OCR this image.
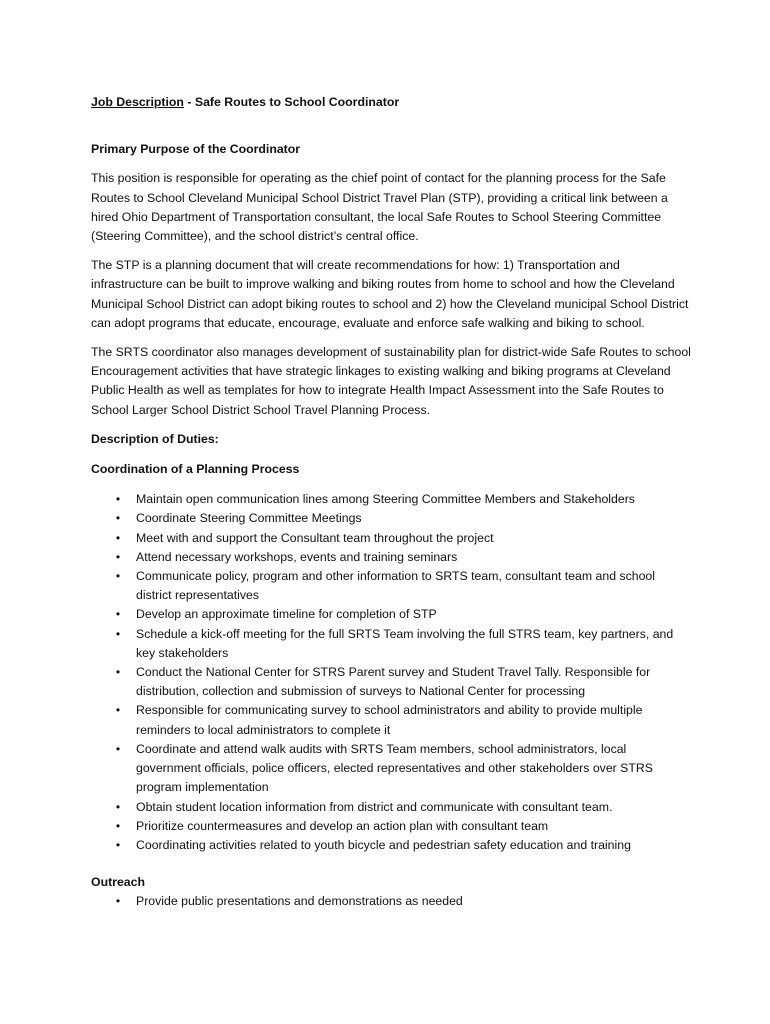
Job Description - Safe Routes to School Coordinator

Primary Purpose of the Coordinator

This position is responsible for operating as the chief point of contact for the planning process for the Safe Routes to School Cleveland Municipal School District Travel Plan (STP), providing a critical link between a hired Ohio Department of Transportation consultant, the local Safe Routes to School Steering Committee (Steering Committee), and the school district’s central office.

The STP is a planning document that will create recommendations for how: 1) Transportation and infrastructure can be built to improve walking and biking routes from home to school and how the Cleveland Municipal School District can adopt biking routes to school and 2) how the Cleveland municipal School District can adopt programs that educate, encourage, evaluate and enforce safe walking and biking to school.

The SRTS coordinator also manages development of sustainability plan for district-wide Safe Routes to school Encouragement activities that have strategic linkages to existing walking and biking programs at Cleveland Public Health as well as templates for how to integrate Health Impact Assessment into the Safe Routes to School Larger School District School Travel Planning Process.

Description of Duties:

Coordination of a Planning Process

• Maintain open communication lines among Steering Committee Members and Stakeholders
• Coordinate Steering Committee Meetings
• Meet with and support the Consultant team throughout the project
• Attend necessary workshops, events and training seminars
• Communicate policy, program and other information to SRTS team, consultant team and school district representatives
• Develop an approximate timeline for completion of STP
• Schedule a kick-off meeting for the full SRTS Team involving the full STRS team, key partners, and key stakeholders
• Conduct the National Center for STRS Parent survey and Student Travel Tally. Responsible for distribution, collection and submission of surveys to National Center for processing
• Responsible for communicating survey to school administrators and ability to provide multiple reminders to local administrators to complete it
• Coordinate and attend walk audits with SRTS Team members, school administrators, local government officials, police officers, elected representatives and other stakeholders over STRS program implementation
• Obtain student location information from district and communicate with consultant team.
• Prioritize countermeasures and develop an action plan with consultant team
• Coordinating activities related to youth bicycle and pedestrian safety education and training

Outreach

• Provide public presentations and demonstrations as needed
